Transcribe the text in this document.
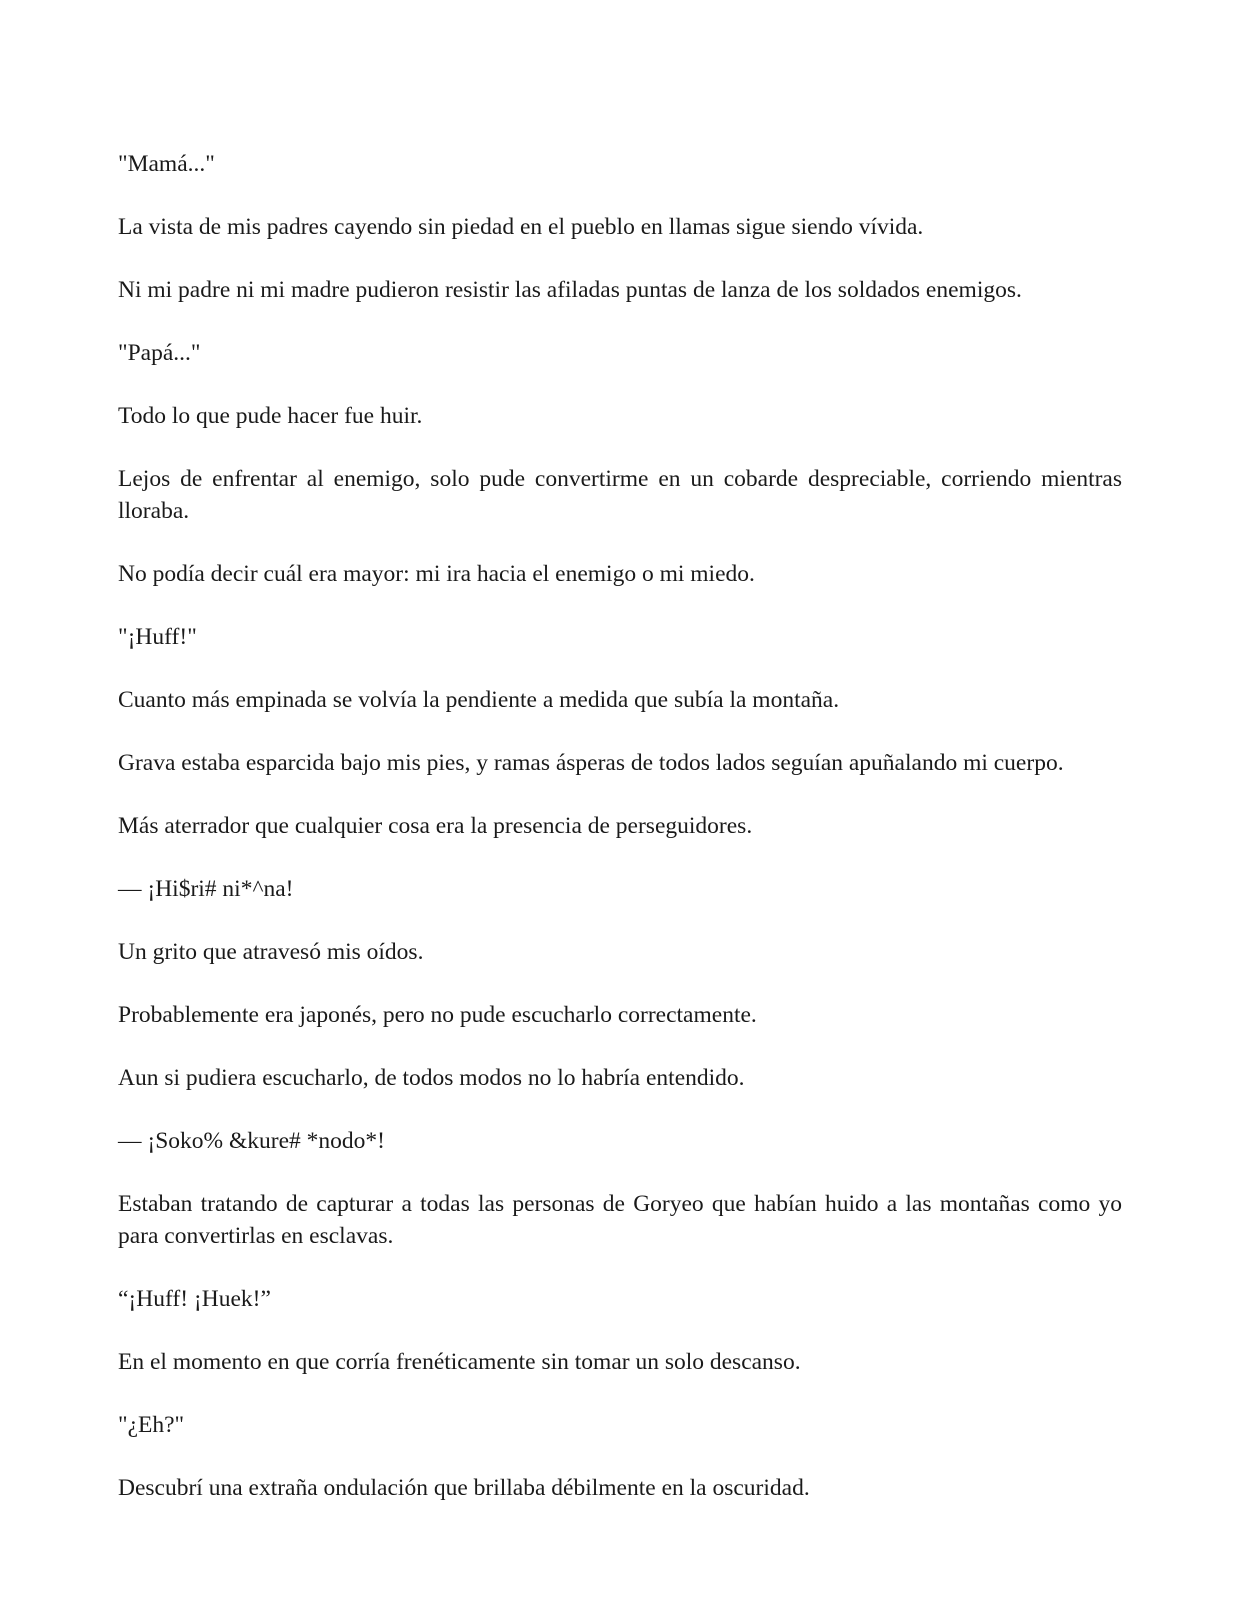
"Mamá..."

La vista de mis padres cayendo sin piedad en el pueblo en llamas sigue siendo vívida.

Ni mi padre ni mi madre pudieron resistir las afiladas puntas de lanza de los soldados enemigos.

"Papá..."

Todo lo que pude hacer fue huir.

Lejos de enfrentar al enemigo, solo pude convertirme en un cobarde despreciable, corriendo mientras lloraba.

No podía decir cuál era mayor: mi ira hacia el enemigo o mi miedo.

"¡Huff!"

Cuanto más empinada se volvía la pendiente a medida que subía la montaña.

Grava estaba esparcida bajo mis pies, y ramas ásperas de todos lados seguían apuñalando mi cuerpo.

Más aterrador que cualquier cosa era la presencia de perseguidores.

— ¡Hi$ri# ni*^na!

Un grito que atravesó mis oídos.

Probablemente era japonés, pero no pude escucharlo correctamente.

Aun si pudiera escucharlo, de todos modos no lo habría entendido.

— ¡Soko% &kure# *nodo*!

Estaban tratando de capturar a todas las personas de Goryeo que habían huido a las montañas como yo para convertirlas en esclavas.

“¡Huff! ¡Huek!”

En el momento en que corría frenéticamente sin tomar un solo descanso.

"¿Eh?"

Descubrí una extraña ondulación que brillaba débilmente en la oscuridad.
